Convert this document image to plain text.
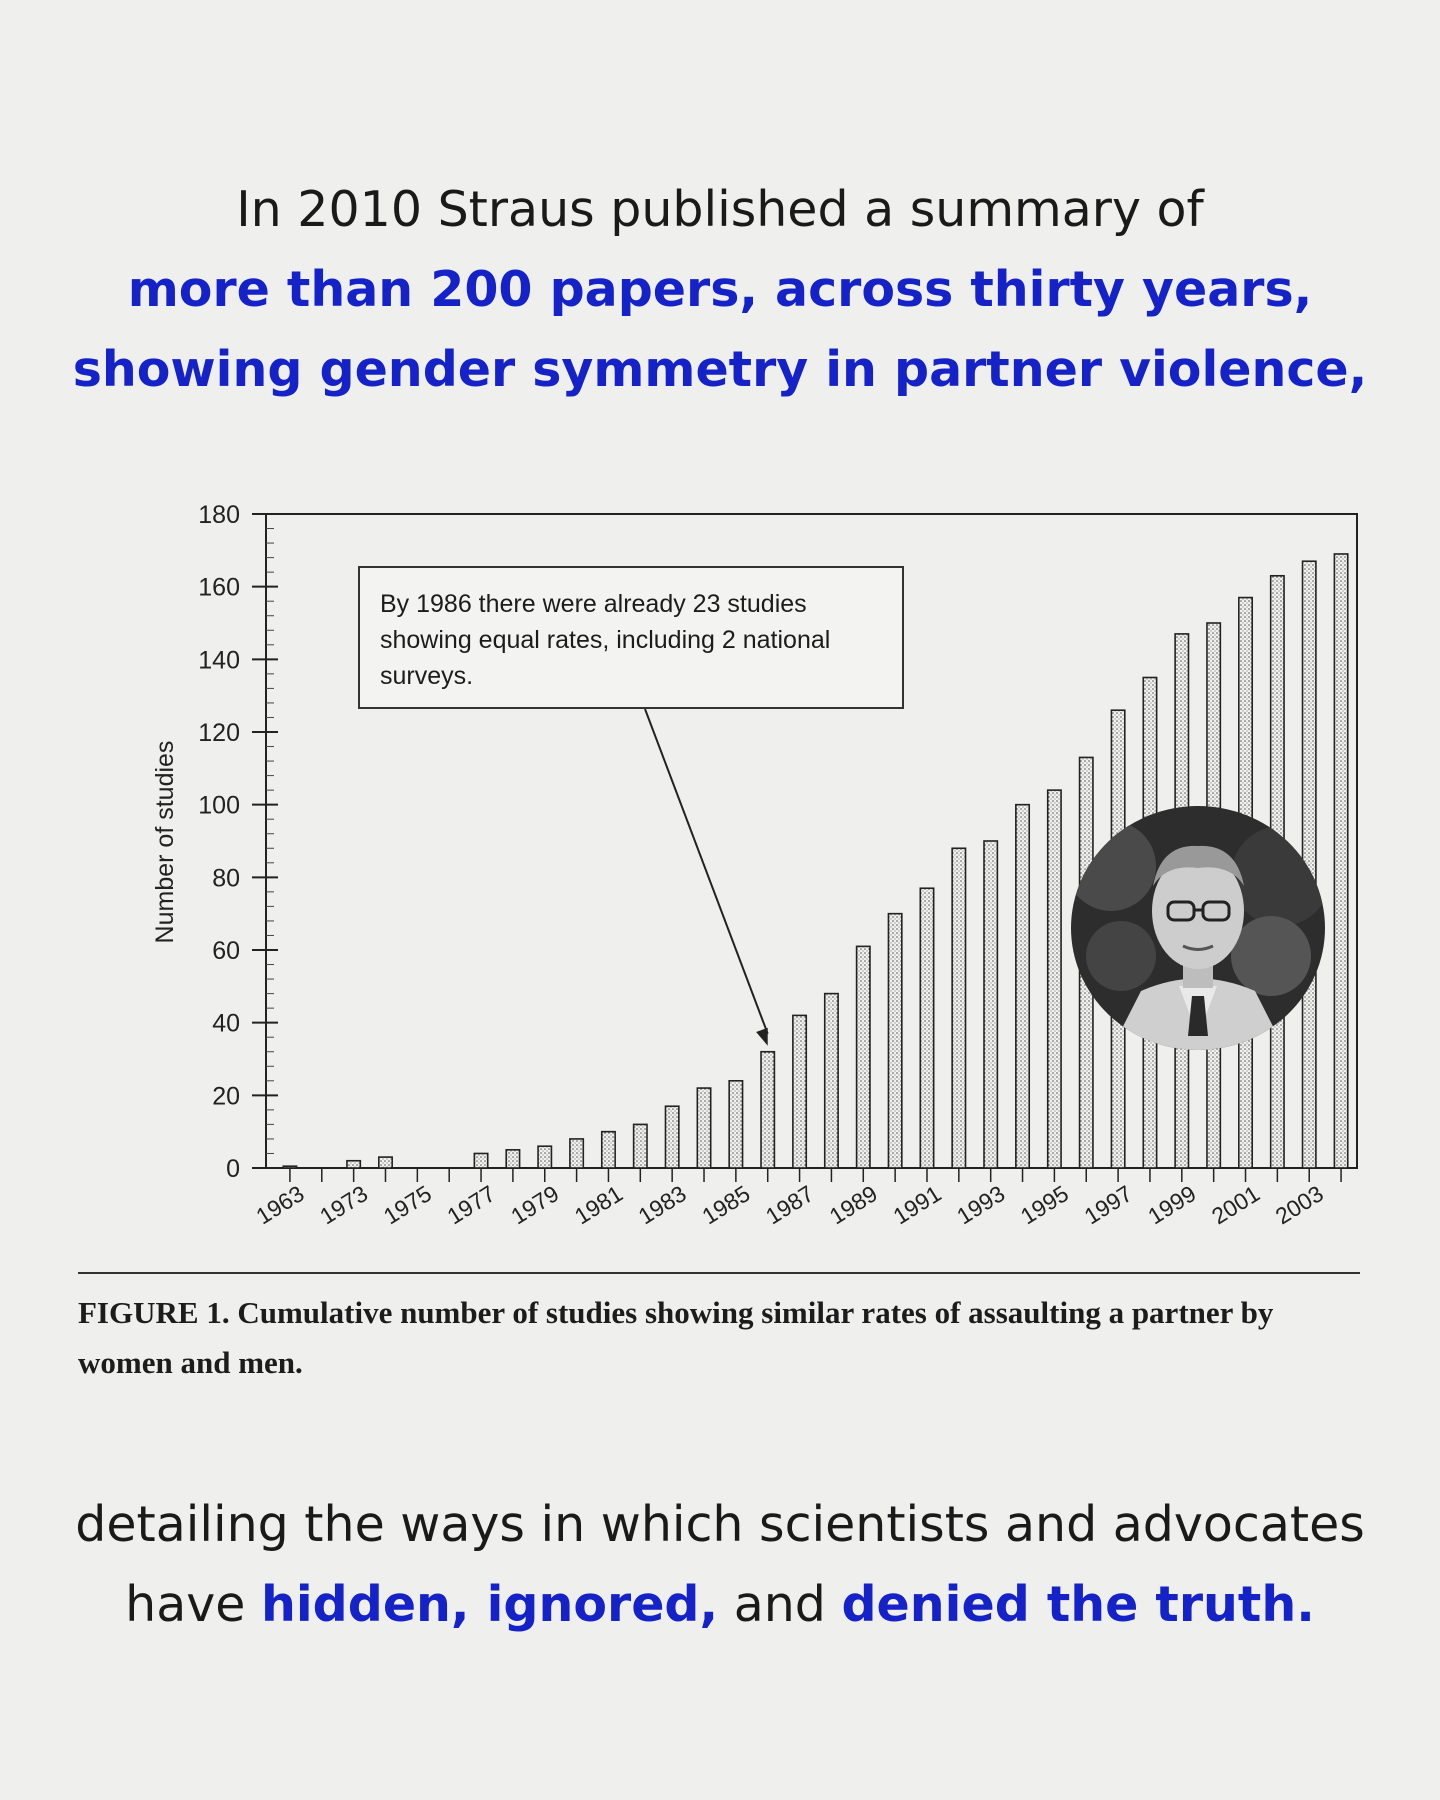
In 2010 Straus published a summary of
more than 200 papers, across thirty years,
showing gender symmetry in partner violence,
0
20
40
60
80
100
120
140
160
180
1963 1973 1975 1977 1979 1981 1983 1985 1987 1989 1991 1993 1995 1997 1999 2001 2003
Number of studies
By 1986 there were already 23 studies showing equal rates, including 2 national surveys.
FIGURE 1. Cumulative number of studies showing similar rates of assaulting a partner by women and men.
detailing the ways in which scientists and advocates
have hidden, ignored, and denied the truth.
